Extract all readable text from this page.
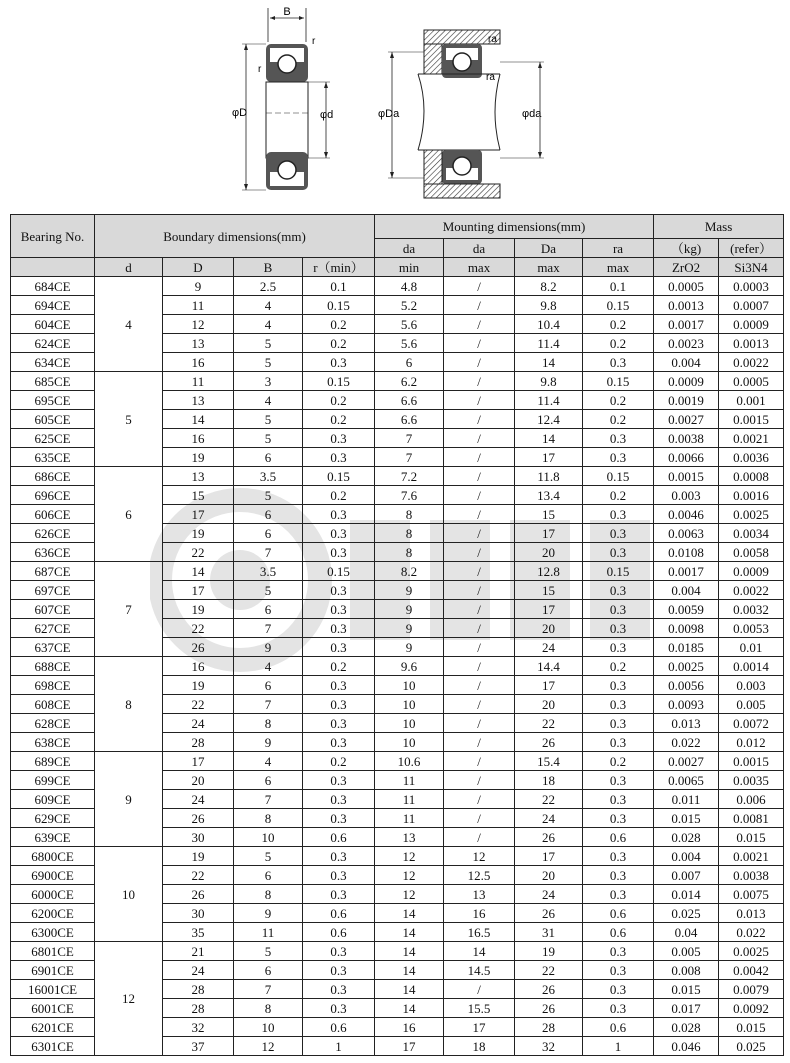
B
r
r
φD	φd
ra
ra
φDa	φda
Bearing No.	Boundary dimensions(mm)				Mounting dimensions(mm)				Mass	
					da	da	Da	ra	（kg)	(refer）
	d	D	B	r（min）	min	max	max	max	ZrO2	Si3N4
684CE	4	9	2.5	0.1	4.8	/	8.2	0.1	0.0005	0.0003
694CE		11	4	0.15	5.2	/	9.8	0.15	0.0013	0.0007
604CE		12	4	0.2	5.6	/	10.4	0.2	0.0017	0.0009
624CE		13	5	0.2	5.6	/	11.4	0.2	0.0023	0.0013
634CE		16	5	0.3	6	/	14	0.3	0.004	0.0022
685CE	5	11	3	0.15	6.2	/	9.8	0.15	0.0009	0.0005
695CE		13	4	0.2	6.6	/	11.4	0.2	0.0019	0.001
605CE		14	5	0.2	6.6	/	12.4	0.2	0.0027	0.0015
625CE		16	5	0.3	7	/	14	0.3	0.0038	0.0021
635CE		19	6	0.3	7	/	17	0.3	0.0066	0.0036
686CE	6	13	3.5	0.15	7.2	/	11.8	0.15	0.0015	0.0008
696CE		15	5	0.2	7.6	/	13.4	0.2	0.003	0.0016
606CE		17	6	0.3	8	/	15	0.3	0.0046	0.0025
626CE		19	6	0.3	8	/	17	0.3	0.0063	0.0034
636CE		22	7	0.3	8	/	20	0.3	0.0108	0.0058
687CE	7	14	3.5	0.15	8.2	/	12.8	0.15	0.0017	0.0009
697CE		17	5	0.3	9	/	15	0.3	0.004	0.0022
607CE		19	6	0.3	9	/	17	0.3	0.0059	0.0032
627CE		22	7	0.3	9	/	20	0.3	0.0098	0.0053
637CE		26	9	0.3	9	/	24	0.3	0.0185	0.01
688CE	8	16	4	0.2	9.6	/	14.4	0.2	0.0025	0.0014
698CE		19	6	0.3	10	/	17	0.3	0.0056	0.003
608CE		22	7	0.3	10	/	20	0.3	0.0093	0.005
628CE		24	8	0.3	10	/	22	0.3	0.013	0.0072
638CE		28	9	0.3	10	/	26	0.3	0.022	0.012
689CE	9	17	4	0.2	10.6	/	15.4	0.2	0.0027	0.0015
699CE		20	6	0.3	11	/	18	0.3	0.0065	0.0035
609CE		24	7	0.3	11	/	22	0.3	0.011	0.006
629CE		26	8	0.3	11	/	24	0.3	0.015	0.0081
639CE		30	10	0.6	13	/	26	0.6	0.028	0.015
6800CE	10	19	5	0.3	12	12	17	0.3	0.004	0.0021
6900CE		22	6	0.3	12	12.5	20	0.3	0.007	0.0038
6000CE		26	8	0.3	12	13	24	0.3	0.014	0.0075
6200CE		30	9	0.6	14	16	26	0.6	0.025	0.013
6300CE		35	11	0.6	14	16.5	31	0.6	0.04	0.022
6801CE	12	21	5	0.3	14	14	19	0.3	0.005	0.0025
6901CE		24	6	0.3	14	14.5	22	0.3	0.008	0.0042
16001CE		28	7	0.3	14	/	26	0.3	0.015	0.0079
6001CE		28	8	0.3	14	15.5	26	0.3	0.017	0.0092
6201CE		32	10	0.6	16	17	28	0.6	0.028	0.015
6301CE		37	12	1	17	18	32	1	0.046	0.025
